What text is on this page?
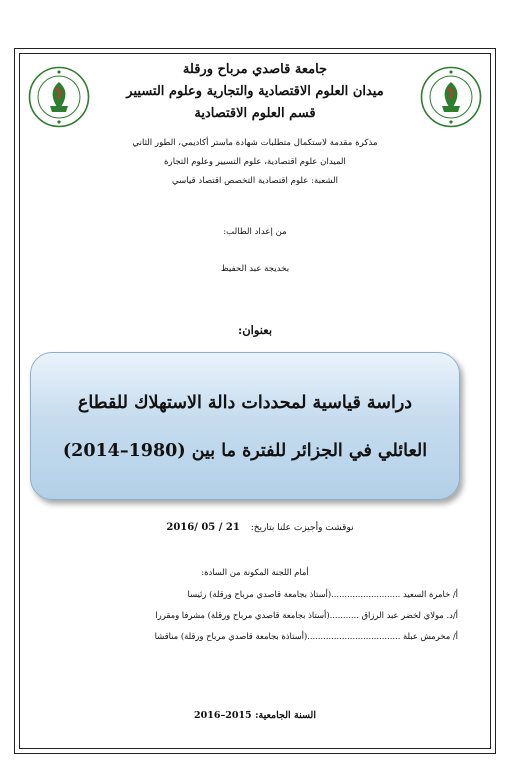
جامعة قاصدي مرباح ورقلة
ميدان العلوم الاقتصادية والتجارية وعلوم التسيير
قسم العلوم الاقتصادية
مذكرة مقدمة لاستكمال متطلبات شهادة ماستر أكاديمي، الطور الثاني
الميدان علوم اقتصادية، علوم التسيير وعلوم التجارة
الشعبة: علوم اقتصادية التخصص اقتصاد قياسي
من إعداد الطالب:
بخديجة عبد الحفيظ
بعنوان:
دراسة قياسية لمحددات دالة الاستهلاك للقطاع
العائلي في الجزائر للفترة ما بين (1980–2014)
نوقشت وأجيزت علنا بتاريخ: 21 / 05 /2016
أمام اللجنة المكونة من السادة:
أ/ خامرة السعيد ..........................(أستاذ بجامعة قاصدي مرباح ورقلة) رئيسا
أ/د. مولاي لخضر عبد الرزاق ...........(أستاذ بجامعة قاصدي مرباح ورقلة) مشرفا ومقررا
أ/ مخرمش عبلة ...................................(أستاذة بجامعة قاصدي مرباح ورقلة) مناقشا
السنة الجامعية: 2015–2016
